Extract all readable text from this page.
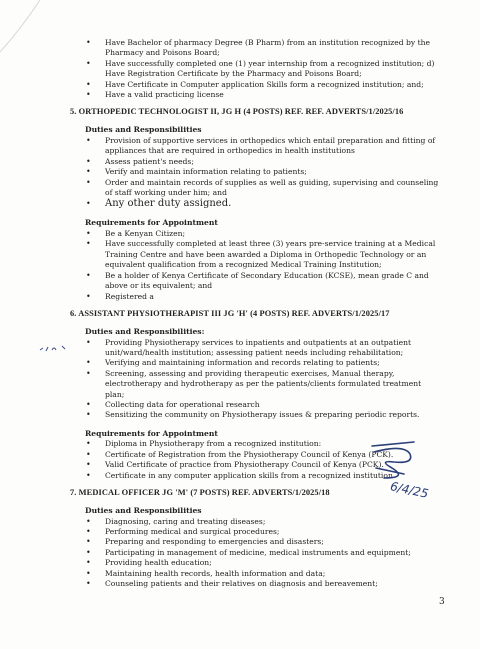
• Have Bachelor of pharmacy Degree (B Pharm) from an institution recognized by the Pharmacy and Poisons Board;
• Have successfully completed one (1) year internship from a recognized institution; d) Have Registration Certificate by the Pharmacy and Poisons Board;
• Have Certificate in Computer application Skills form a recognized institution; and;
• Have a valid practicing license
5. ORTHOPEDIC TECHNOLOGIST II, JG H (4 POSTS) REF. REF. ADVERTS/1/2025/16
Duties and Responsibilities
• Provision of supportive services in orthopedics which entail preparation and fitting of appliances that are required in orthopedics in health institutions
• Assess patient's needs;
• Verify and maintain information relating to patients;
• Order and maintain records of supplies as well as guiding, supervising and counseling of staff working under him; and
• Any other duty assigned.
Requirements for Appointment
• Be a Kenyan Citizen;
• Have successfully completed at least three (3) years pre-service training at a Medical Training Centre and have been awarded a Diploma in Orthopedic Technology or an equivalent qualification from a recognized Medical Training Institution;
• Be a holder of Kenya Certificate of Secondary Education (KCSE), mean grade C and above or its equivalent; and
• Registered a
6. ASSISTANT PHYSIOTHERAPIST III JG 'H' (4 POSTS) REF. ADVERTS/1/2025/17
Duties and Responsibilities:
• Providing Physiotherapy services to inpatients and outpatients at an outpatient unit/ward/health institution; assessing patient needs including rehabilitation;
• Verifying and maintaining information and records relating to patients;
• Screening, assessing and providing therapeutic exercises, Manual therapy, electrotherapy and hydrotherapy as per the patients/clients formulated treatment plan;
• Collecting data for operational research
• Sensitizing the community on Physiotherapy issues & preparing periodic reports.
Requirements for Appointment
• Diploma in Physiotherapy from a recognized institution:
• Certificate of Registration from the Physiotherapy Council of Kenya (PCK).
• Valid Certificate of practice from Physiotherapy Council of Kenya (PCK).
• Certificate in any computer application skills from a recognized institution.
7. MEDICAL OFFICER JG 'M' (7 POSTS) REF. ADVERTS/1/2025/18
Duties and Responsibilities
• Diagnosing, caring and treating diseases;
• Performing medical and surgical procedures;
• Preparing and responding to emergencies and disasters;
• Participating in management of medicine, medical instruments and equipment;
• Providing health education;
• Maintaining health records, health information and data;
• Counseling patients and their relatives on diagnosis and bereavement;
6/4/25
3
